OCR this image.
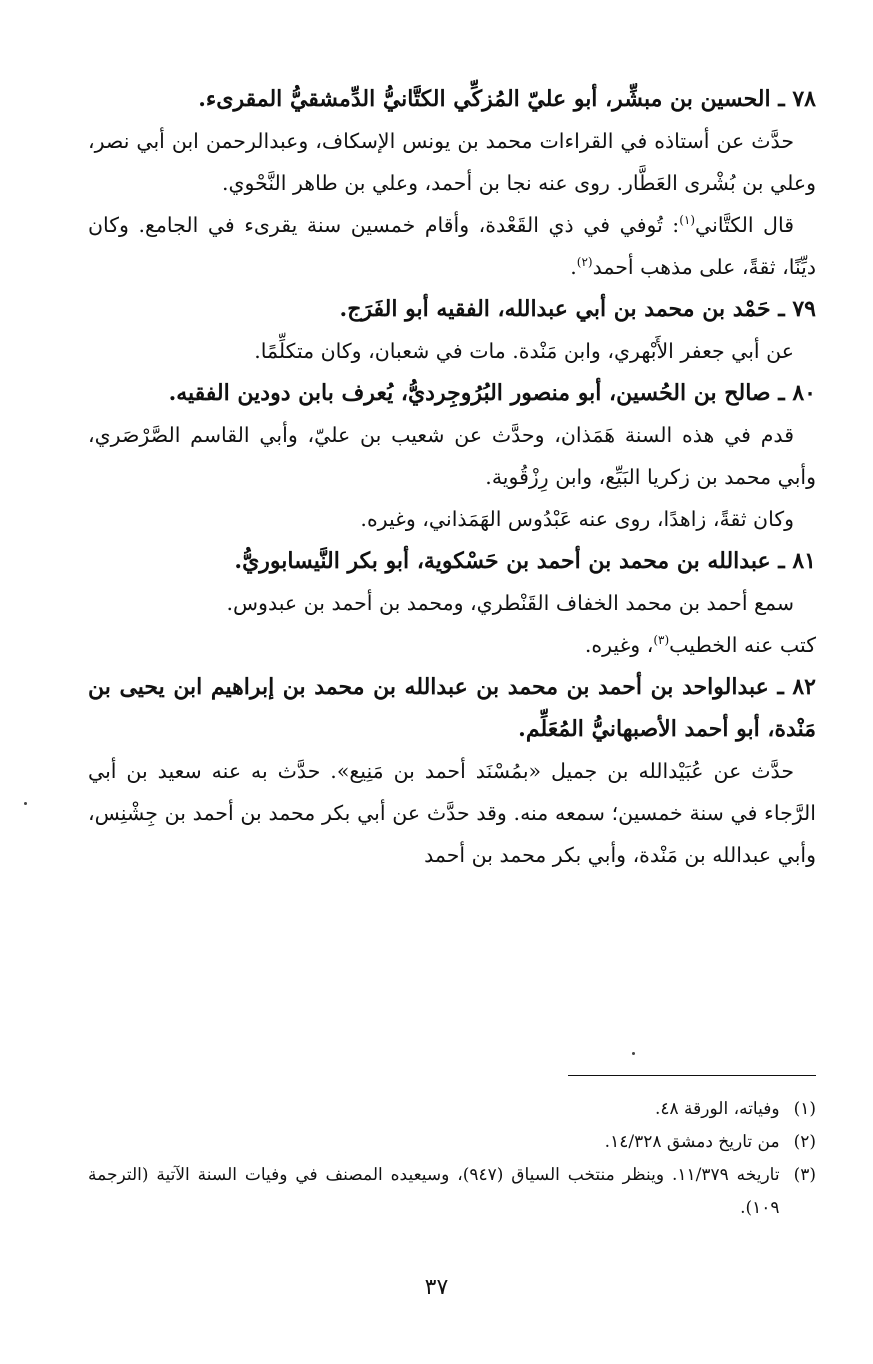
٧٨ ـ الحسين بن مبشِّر، أبو عليّ المُزكِّي الكتَّانيُّ الدِّمشقيُّ المقرىء.

حدَّث عن أستاذه في القراءات محمد بن يونس الإسكاف، وعبدالرحمن ابن أبي نصر، وعلي بن بُشْرى العَطَّار. روى عنه نجا بن أحمد، وعلي بن طاهر النَّحْوي.

قال الكتَّاني$^{(١)}$: تُوفي في ذي القَعْدة، وأقام خمسين سنة يقرىء في الجامع. وكان ديِّنًا، ثقةً، على مذهب أحمد$^{(٢)}$.

٧٩ ـ حَمْد بن محمد بن أبي عبدالله، الفقيه أبو الفَرَج.

عن أبي جعفر الأَبْهري، وابن مَنْدة. مات في شعبان، وكان متكلِّمًا.

٨٠ ـ صالح بن الحُسين، أبو منصور البُرُوجِرديُّ، يُعرف بابن دودين الفقيه.

قدم في هذه السنة هَمَذان، وحدَّث عن شعيب بن عليّ، وأبي القاسم الصَّرْصَري، وأبي محمد بن زكريا البَيِّع، وابن رِزْقُوية.

وكان ثقةً، زاهدًا، روى عنه عَبْدُوس الهَمَذاني، وغيره.

٨١ ـ عبدالله بن محمد بن أحمد بن حَسْكوية، أبو بكر النَّيسابوريُّ.

سمع أحمد بن محمد الخفاف القَنْطري، ومحمد بن أحمد بن عبدوس.

كتب عنه الخطيب$^{(٣)}$، وغيره.

٨٢ ـ عبدالواحد بن أحمد بن محمد بن عبدالله بن محمد بن إبراهيم ابن يحيى بن مَنْدة، أبو أحمد الأصبهانيُّ المُعَلِّم.

حدَّث عن عُبَيْدالله بن جميل «بمُسْنَد أحمد بن مَنِيع». حدَّث به عنه سعيد بن أبي الرَّجاء في سنة خمسين؛ سمعه منه. وقد حدَّث عن أبي بكر محمد بن أحمد بن جِشْنِس، وأبي عبدالله بن مَنْدة، وأبي بكر محمد بن أحمد

(١)
وفياته، الورقة ٤٨.

(٢)
من تاريخ دمشق ١٤/٣٢٨.

(٣)
تاريخه ١١/٣٧٩. وينظر منتخب السياق (٩٤٧)، وسيعيده المصنف في وفيات السنة الآتية (الترجمة ١٠٩).

٣٧
